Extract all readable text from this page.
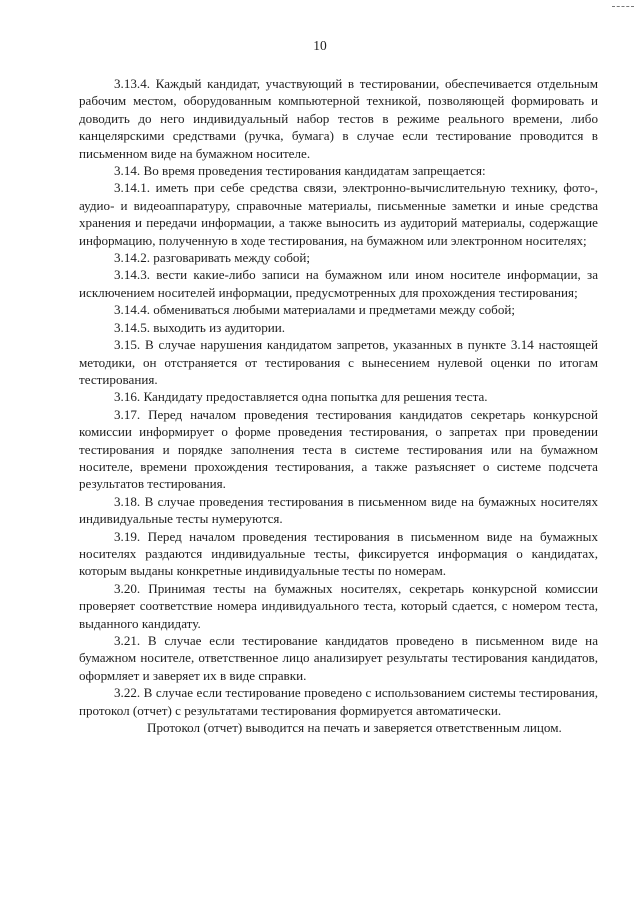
10

3.13.4. Каждый кандидат, участвующий в тестировании, обеспечивается отдельным рабочим местом, оборудованным компьютерной техникой, позволяющей формировать и доводить до него индивидуальный набор тестов в режиме реального времени, либо канцелярскими средствами (ручка, бумага) в случае если тестирование проводится в письменном виде на бумажном носителе.

3.14. Во время проведения тестирования кандидатам запрещается:

3.14.1. иметь при себе средства связи, электронно-вычислительную технику, фото-, аудио- и видеоаппаратуру, справочные материалы, письменные заметки и иные средства хранения и передачи информации, а также выносить из аудиторий материалы, содержащие информацию, полученную в ходе тестирования, на бумажном или электронном носителях;

3.14.2. разговаривать между собой;

3.14.3. вести какие-либо записи на бумажном или ином носителе информации, за исключением носителей информации, предусмотренных для прохождения тестирования;

3.14.4. обмениваться любыми материалами и предметами между собой;

3.14.5. выходить из аудитории.

3.15. В случае нарушения кандидатом запретов, указанных в пункте 3.14 настоящей методики, он отстраняется от тестирования с вынесением нулевой оценки по итогам тестирования.

3.16. Кандидату предоставляется одна попытка для решения теста.

3.17. Перед началом проведения тестирования кандидатов секретарь конкурсной комиссии информирует о форме проведения тестирования, о запретах при проведении тестирования и порядке заполнения теста в системе тестирования или на бумажном носителе, времени прохождения тестирования, а также разъясняет о системе подсчета результатов тестирования.

3.18. В случае проведения тестирования в письменном виде на бумажных носителях индивидуальные тесты нумеруются.

3.19. Перед началом проведения тестирования в письменном виде на бумажных носителях раздаются индивидуальные тесты, фиксируется информация о кандидатах, которым выданы конкретные индивидуальные тесты по номерам.

3.20. Принимая тесты на бумажных носителях, секретарь конкурсной комиссии проверяет соответствие номера индивидуального теста, который сдается, с номером теста, выданного кандидату.

3.21. В случае если тестирование кандидатов проведено в письменном виде на бумажном носителе, ответственное лицо анализирует результаты тестирования кандидатов, оформляет и заверяет их в виде справки.

3.22. В случае если тестирование проведено с использованием системы тестирования, протокол (отчет) с результатами тестирования формируется автоматически.

Протокол (отчет) выводится на печать и заверяется ответственным лицом.
